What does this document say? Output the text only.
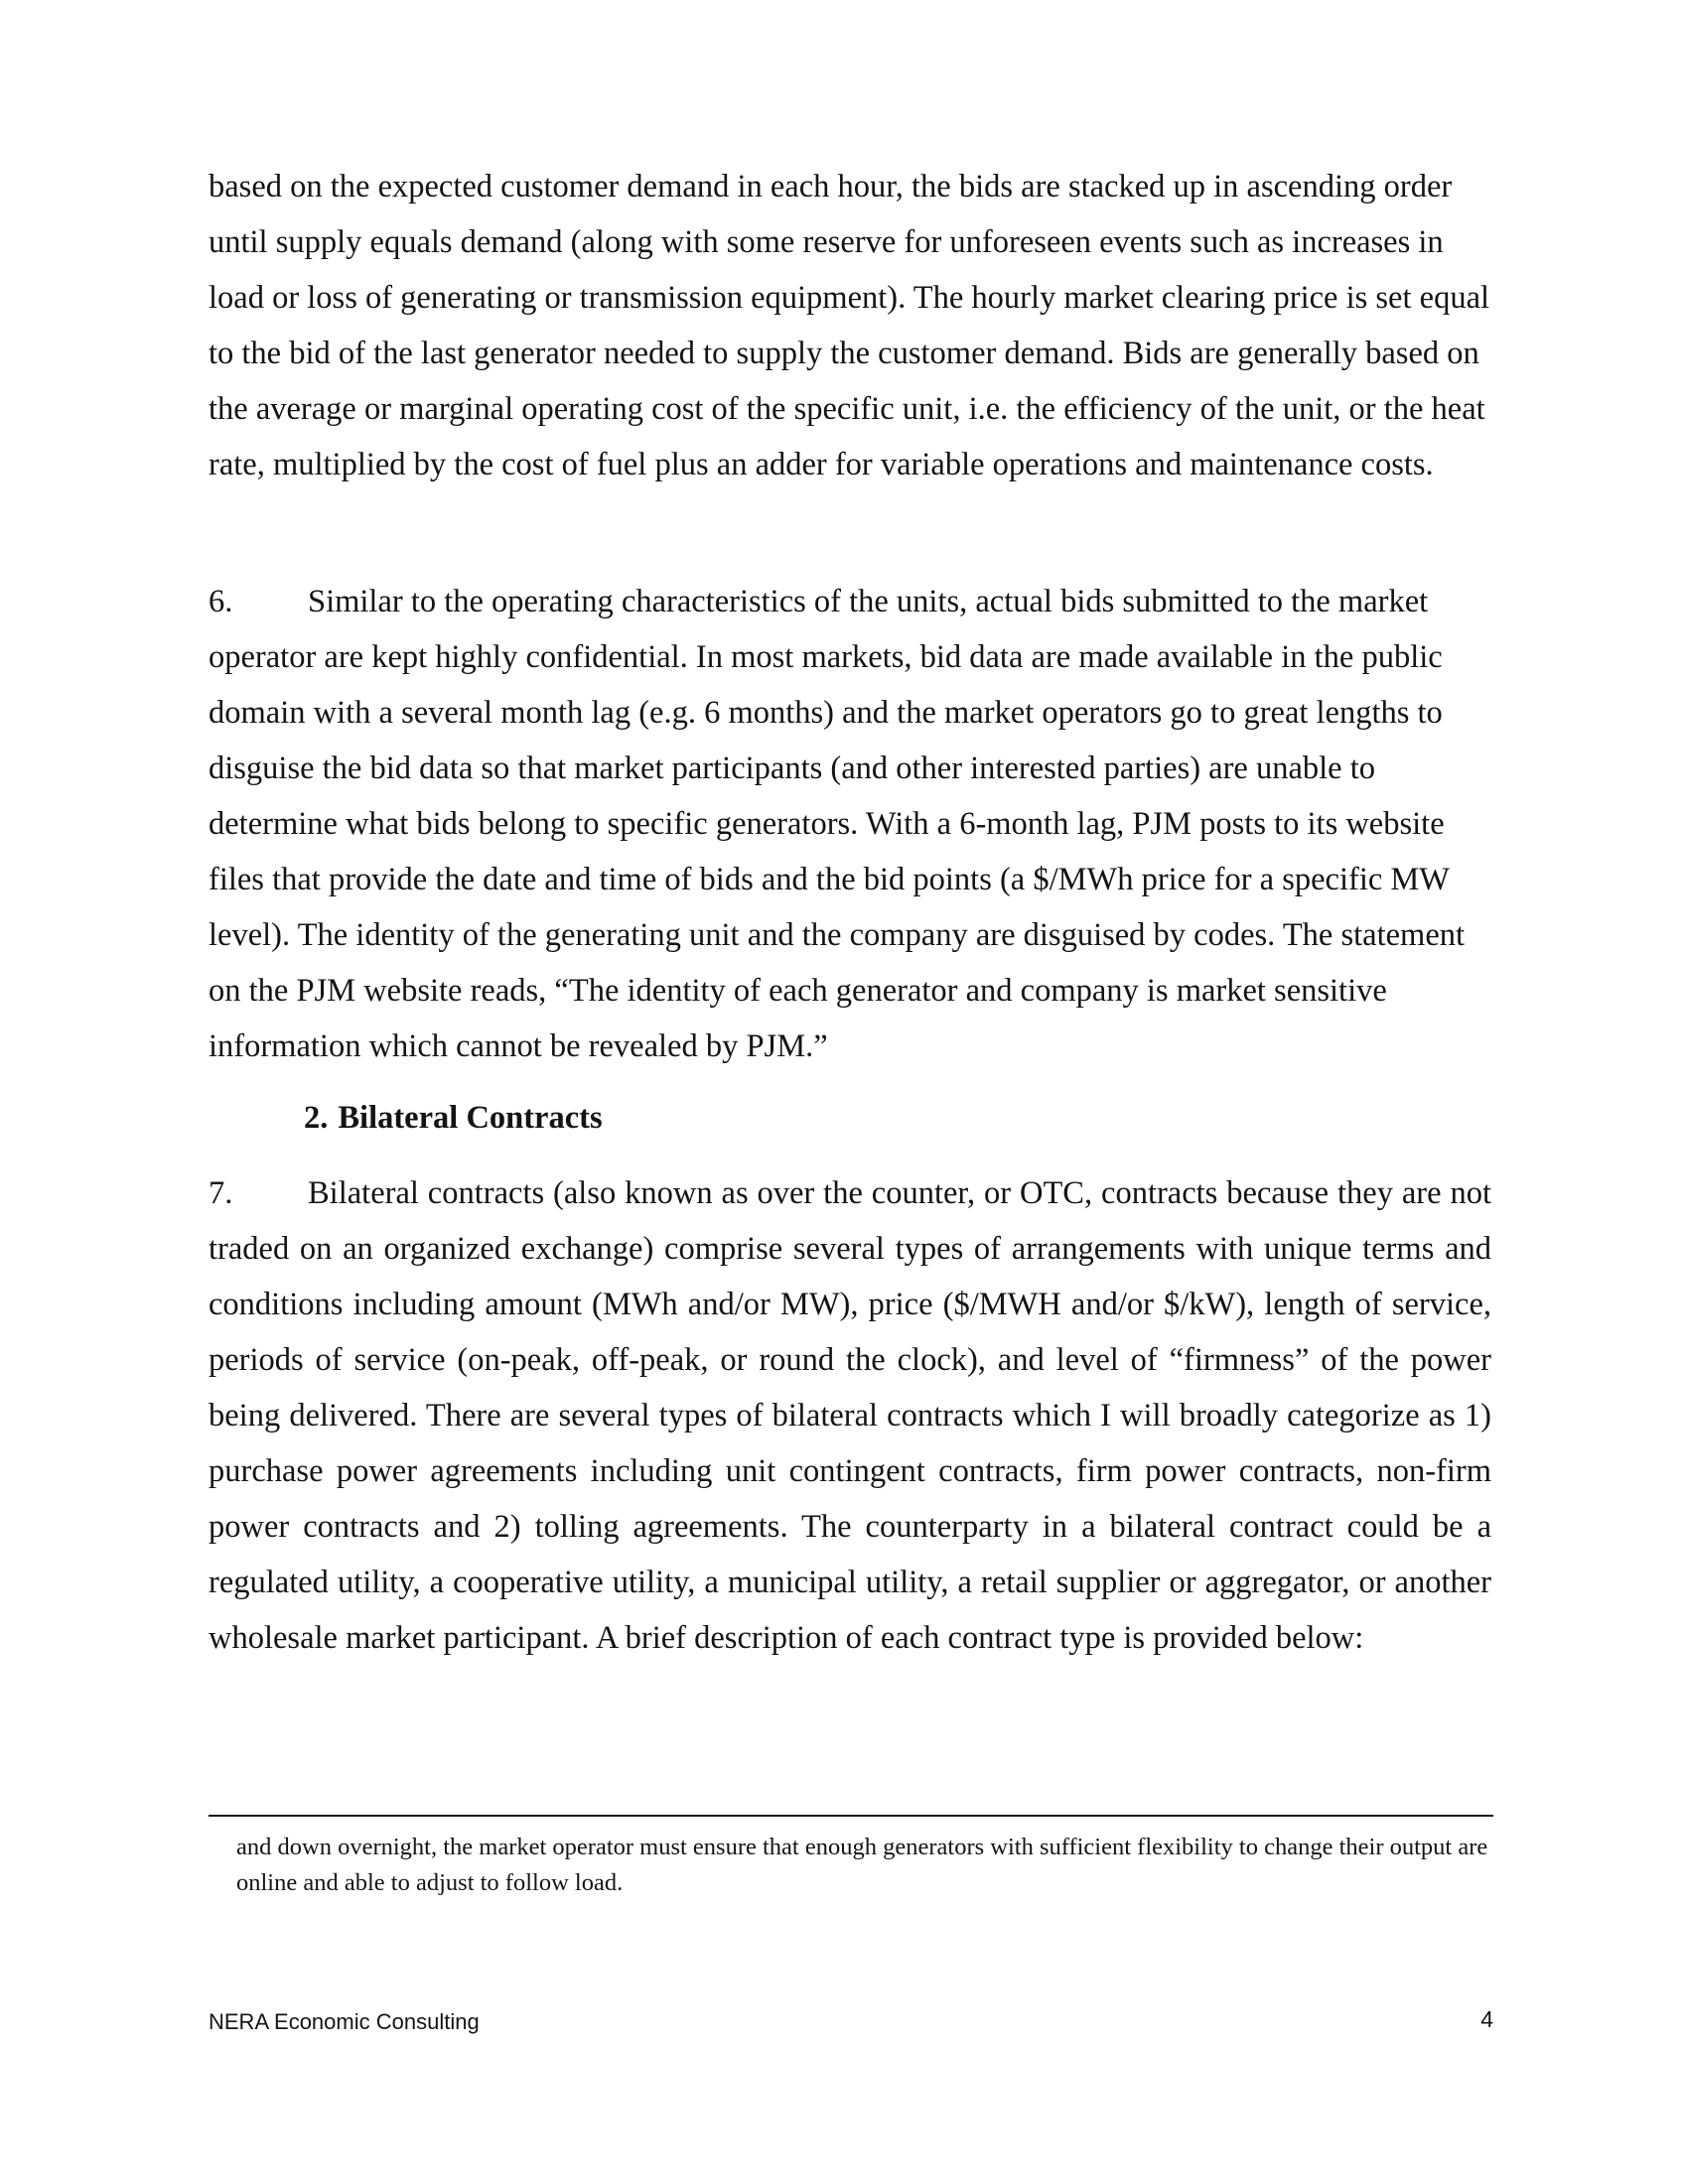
based on the expected customer demand in each hour, the bids are stacked up in ascending order until supply equals demand (along with some reserve for unforeseen events such as increases in load or loss of generating or transmission equipment). The hourly market clearing price is set equal to the bid of the last generator needed to supply the customer demand. Bids are generally based on the average or marginal operating cost of the specific unit, i.e. the efficiency of the unit, or the heat rate, multiplied by the cost of fuel plus an adder for variable operations and maintenance costs.

6. Similar to the operating characteristics of the units, actual bids submitted to the market operator are kept highly confidential. In most markets, bid data are made available in the public domain with a several month lag (e.g. 6 months) and the market operators go to great lengths to disguise the bid data so that market participants (and other interested parties) are unable to determine what bids belong to specific generators. With a 6-month lag, PJM posts to its website files that provide the date and time of bids and the bid points (a $/MWh price for a specific MW level). The identity of the generating unit and the company are disguised by codes. The statement on the PJM website reads, “The identity of each generator and company is market sensitive information which cannot be revealed by PJM.”

2. Bilateral Contracts

7. Bilateral contracts (also known as over the counter, or OTC, contracts because they are not traded on an organized exchange) comprise several types of arrangements with unique terms and conditions including amount (MWh and/or MW), price ($/MWH and/or $/kW), length of service, periods of service (on-peak, off-peak, or round the clock), and level of “firmness” of the power being delivered. There are several types of bilateral contracts which I will broadly categorize as 1) purchase power agreements including unit contingent contracts, firm power contracts, non-firm power contracts and 2) tolling agreements. The counterparty in a bilateral contract could be a regulated utility, a cooperative utility, a municipal utility, a retail supplier or aggregator, or another wholesale market participant. A brief description of each contract type is provided below:

and down overnight, the market operator must ensure that enough generators with sufficient flexibility to change their output are online and able to adjust to follow load.

NERA Economic Consulting	4
